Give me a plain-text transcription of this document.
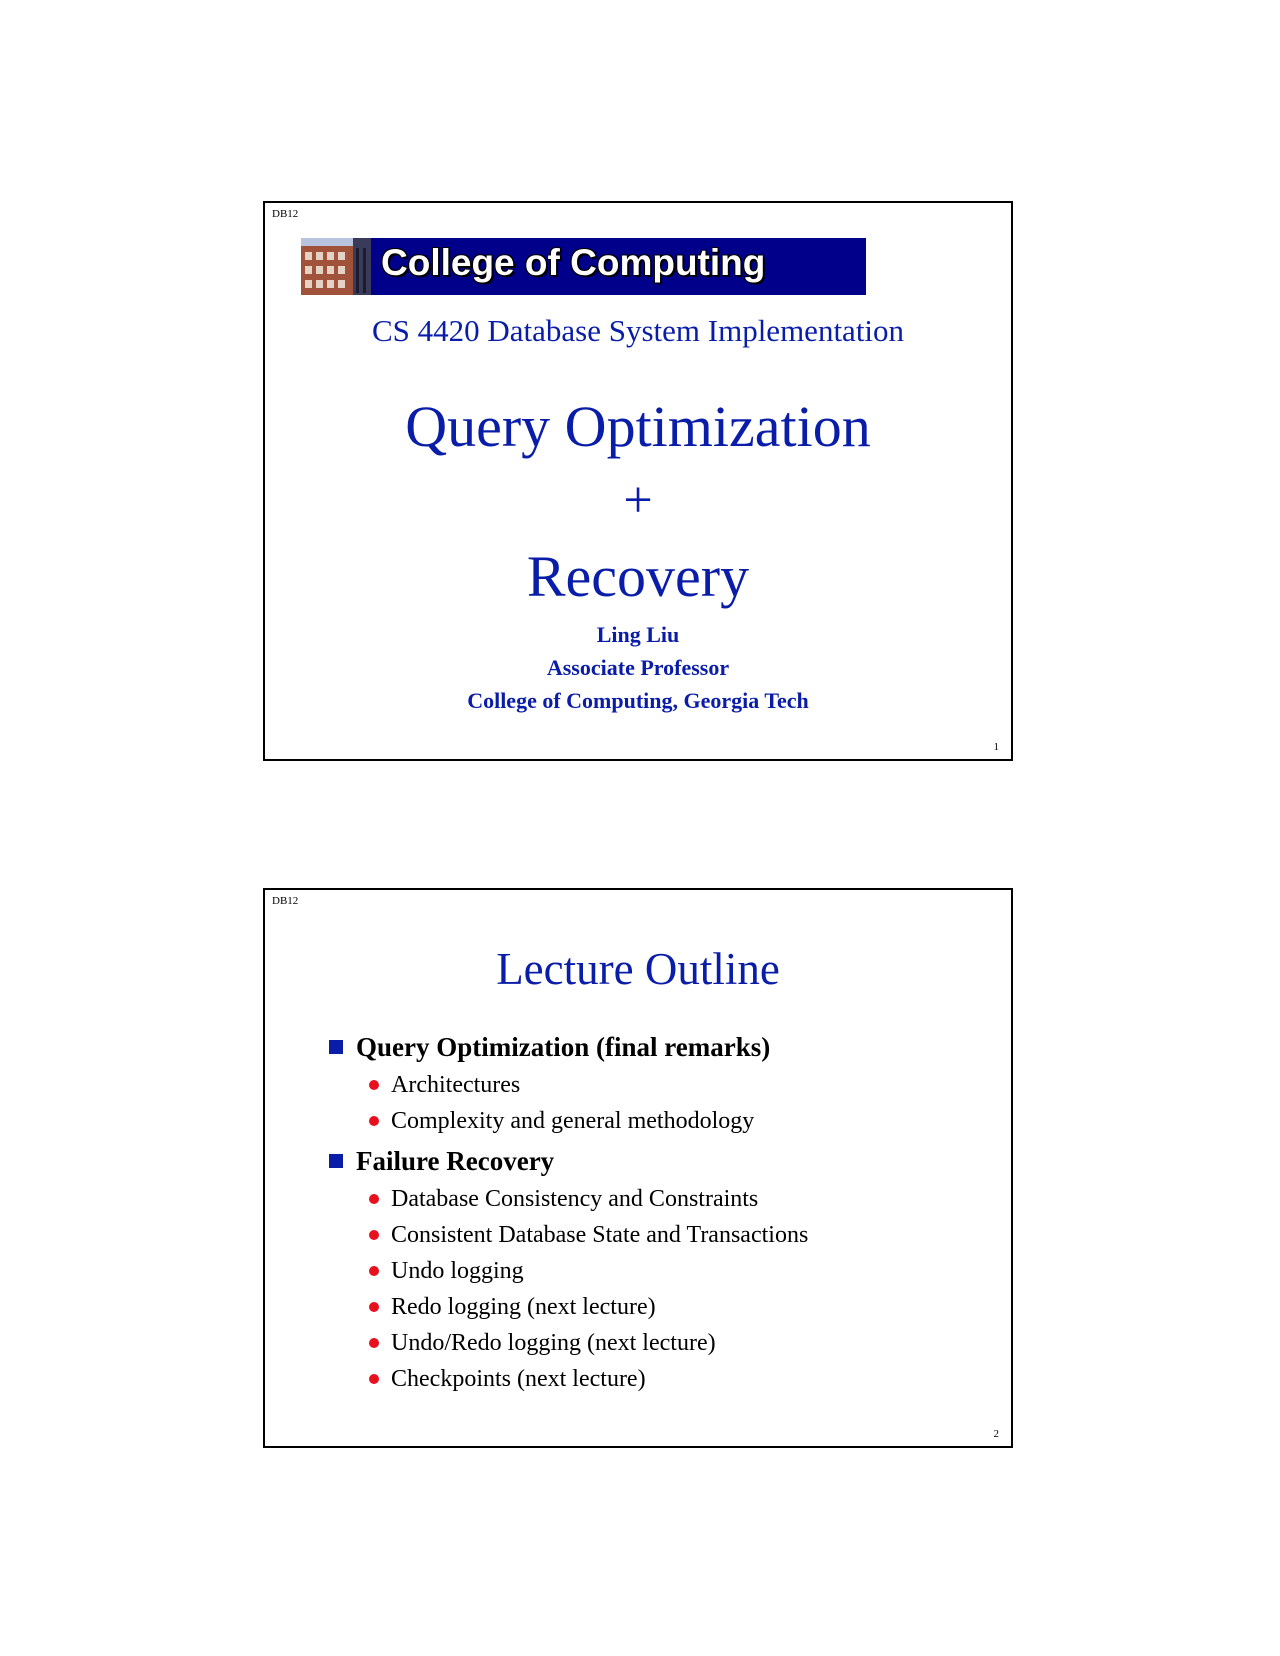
DB12
College of Computing
CS 4420 Database System Implementation
Query Optimization
+
Recovery
Ling Liu
Associate Professor
College of Computing, Georgia Tech
1
DB12
Lecture Outline
Query Optimization (final remarks)
Architectures
Complexity and general methodology
Failure Recovery
Database Consistency and Constraints
Consistent Database State and Transactions
Undo logging
Redo logging (next lecture)
Undo/Redo logging (next lecture)
Checkpoints (next lecture)
2
